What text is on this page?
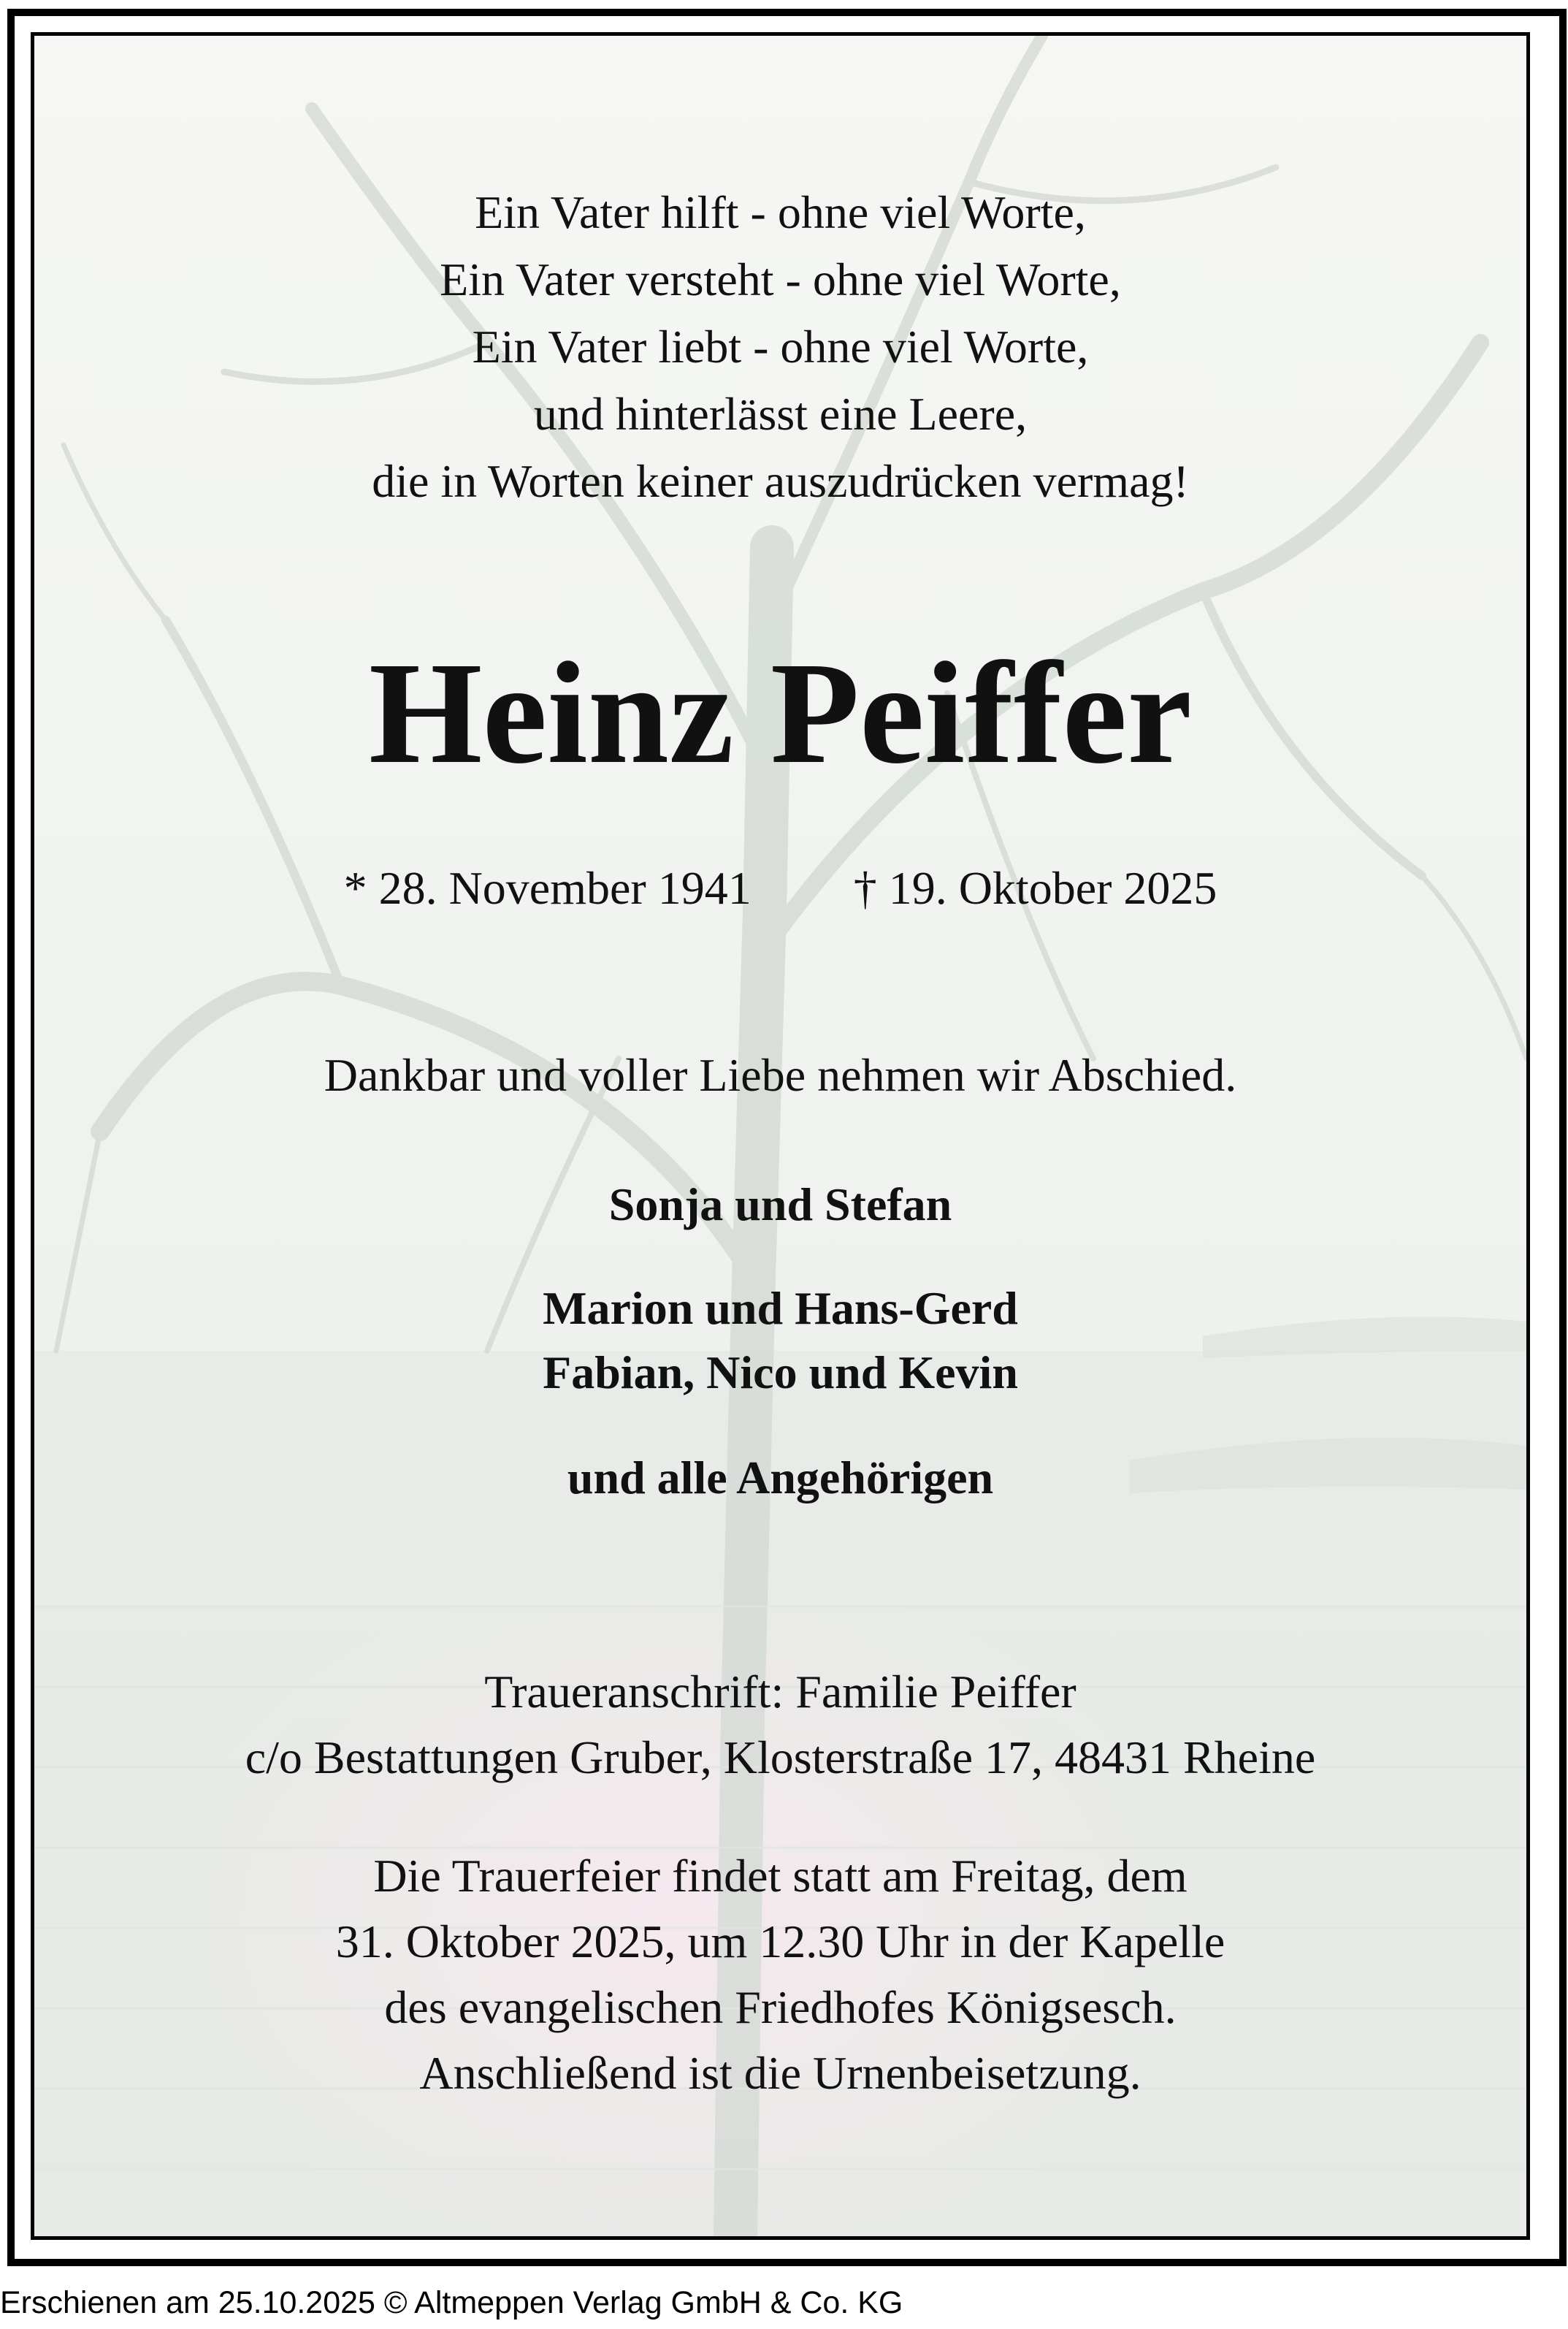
Ein Vater hilft - ohne viel Worte,

Ein Vater versteht - ohne viel Worte,

Ein Vater liebt - ohne viel Worte,

und hinterlässt eine Leere,

die in Worten keiner auszudrücken vermag!

Heinz Peiffer
* 28. November 1941 † 19. Oktober 2025

Dankbar und voller Liebe nehmen wir Abschied.

Sonja und Stefan

Marion und Hans-Gerd

Fabian, Nico und Kevin

und alle Angehörigen

Traueranschrift: Familie Peiffer

c/o Bestattungen Gruber, Klosterstraße 17, 48431 Rheine

Die Trauerfeier findet statt am Freitag, dem

31. Oktober 2025, um 12.30 Uhr in der Kapelle

des evangelischen Friedhofes Königsesch.

Anschließend ist die Urnenbeisetzung.

Erschienen am 25.10.2025 © Altmeppen Verlag GmbH & Co. KG
